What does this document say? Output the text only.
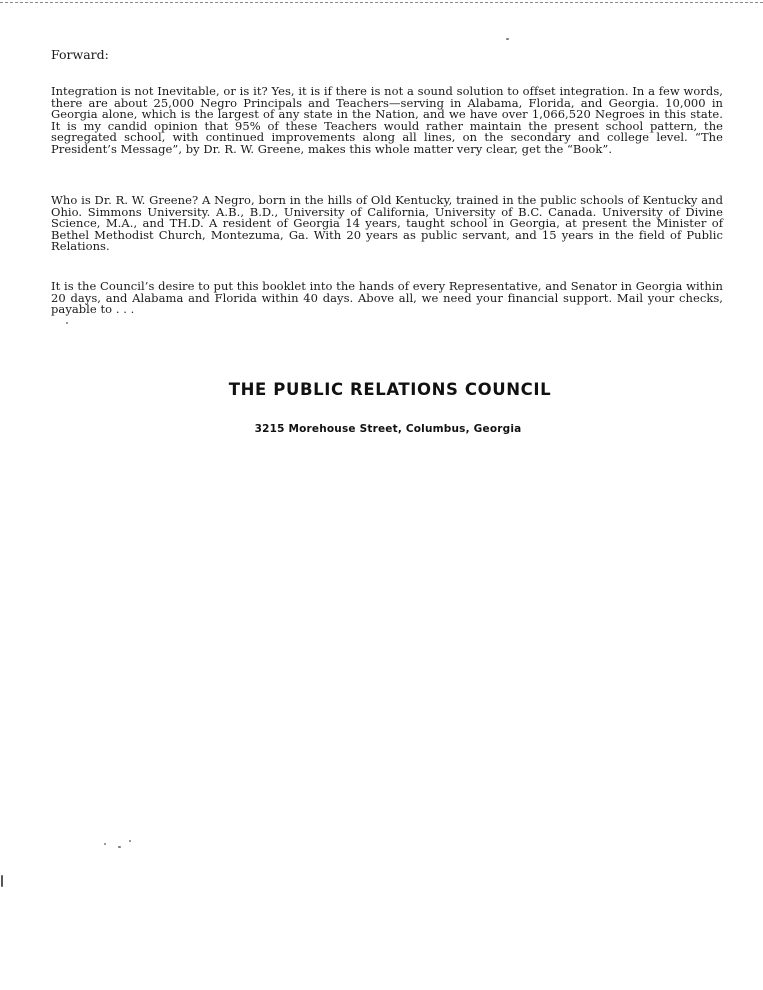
Forward:

Integration is not Inevitable, or is it? Yes, it is if there is not a sound solution to offset integration. In a few words, there are about 25,000 Negro Principals and Teachers—serving in Alabama, Florida, and Georgia. 10,000 in Georgia alone, which is the largest of any state in the Nation, and we have over 1,066,520 Negroes in this state. It is my candid opinion that 95% of these Teachers would rather maintain the present school pattern, the segregated school, with continued improvements along all lines, on the secondary and college level. “The President’s Message”, by Dr. R. W. Greene, makes this whole matter very clear, get the “Book”.

Who is Dr. R. W. Greene? A Negro, born in the hills of Old Kentucky, trained in the public schools of Kentucky and Ohio. Simmons University. A.B., B.D., University of California, University of B.C. Canada. University of Divine Science, M.A., and TH.D. A resident of Georgia 14 years, taught school in Georgia, at present the Minister of Bethel Methodist Church, Montezuma, Ga. With 20 years as public servant, and 15 years in the field of Public Relations.

It is the Council’s desire to put this booklet into the hands of every Representative, and Senator in Georgia within 20 days, and Alabama and Florida within 40 days. Above all, we need your financial support. Mail your checks, payable to . . .

THE PUBLIC RELATIONS COUNCIL
3215 Morehouse Street, Columbus, Georgia
